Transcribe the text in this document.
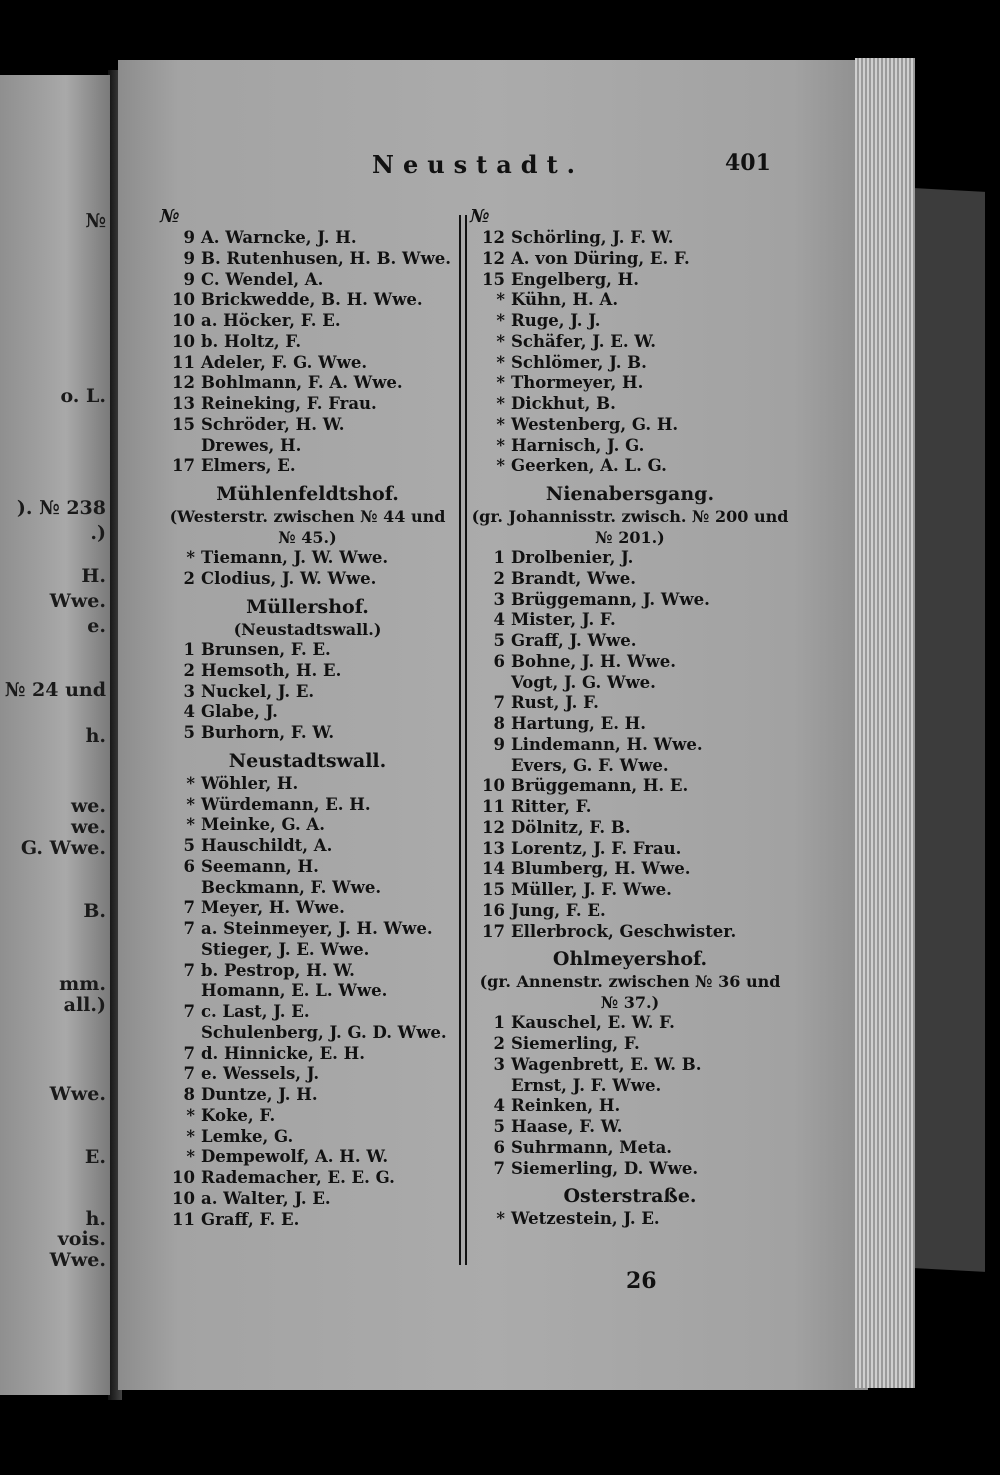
№
o. L.
). № 238
.)
H.
Wwe.
e.
№ 24 und
h.
we.
we.
G. Wwe.
B.
mm.
all.)
Wwe.
E.
h.
vois.
Wwe.
Neustadt.	401
№
9 A. Warncke, J. H.
9 B. Rutenhusen, H. B. Wwe.
9 C. Wendel, A.
10 Brickwedde, B. H. Wwe.
10 a. Höcker, F. E.
10 b. Holtz, F.
11 Adeler, F. G. Wwe.
12 Bohlmann, F. A. Wwe.
13 Reineking, F. Frau.
15 Schröder, H. W.
Drewes, H.
17 Elmers, E.
Mühlenfeldtshof.
(Westerstr. zwischen № 44 und № 45.)
* Tiemann, J. W. Wwe.
2 Clodius, J. W. Wwe.
Müllershof.
(Neustadtswall.)
1 Brunsen, F. E.
2 Hemsoth, H. E.
3 Nuckel, J. E.
4 Glabe, J.
5 Burhorn, F. W.
Neustadtswall.
* Wöhler, H.
* Würdemann, E. H.
* Meinke, G. A.
5 Hauschildt, A.
6 Seemann, H.
Beckmann, F. Wwe.
7 Meyer, H. Wwe.
7 a. Steinmeyer, J. H. Wwe.
Stieger, J. E. Wwe.
7 b. Pestrop, H. W.
Homann, E. L. Wwe.
7 c. Last, J. E.
Schulenberg, J. G. D. Wwe.
7 d. Hinnicke, E. H.
7 e. Wessels, J.
8 Duntze, J. H.
* Koke, F.
* Lemke, G.
* Dempewolf, A. H. W.
10 Rademacher, E. E. G.
10 a. Walter, J. E.
11 Graff, F. E.
№
12 Schörling, J. F. W.
12 A. von Düring, E. F.
15 Engelberg, H.
* Kühn, H. A.
* Ruge, J. J.
* Schäfer, J. E. W.
* Schlömer, J. B.
* Thormeyer, H.
* Dickhut, B.
* Westenberg, G. H.
* Harnisch, J. G.
* Geerken, A. L. G.
Nienabersgang.
(gr. Johannisstr. zwisch. № 200 und № 201.)
1 Drolbenier, J.
2 Brandt, Wwe.
3 Brüggemann, J. Wwe.
4 Mister, J. F.
5 Graff, J. Wwe.
6 Bohne, J. H. Wwe.
Vogt, J. G. Wwe.
7 Rust, J. F.
8 Hartung, E. H.
9 Lindemann, H. Wwe.
Evers, G. F. Wwe.
10 Brüggemann, H. E.
11 Ritter, F.
12 Dölnitz, F. B.
13 Lorentz, J. F. Frau.
14 Blumberg, H. Wwe.
15 Müller, J. F. Wwe.
16 Jung, F. E.
17 Ellerbrock, Geschwister.
Ohlmeyershof.
(gr. Annenstr. zwischen № 36 und № 37.)
1 Kauschel, E. W. F.
2 Siemerling, F.
3 Wagenbrett, E. W. B.
Ernst, J. F. Wwe.
4 Reinken, H.
5 Haase, F. W.
6 Suhrmann, Meta.
7 Siemerling, D. Wwe.
Osterstraße.
* Wetzestein, J. E.
26
